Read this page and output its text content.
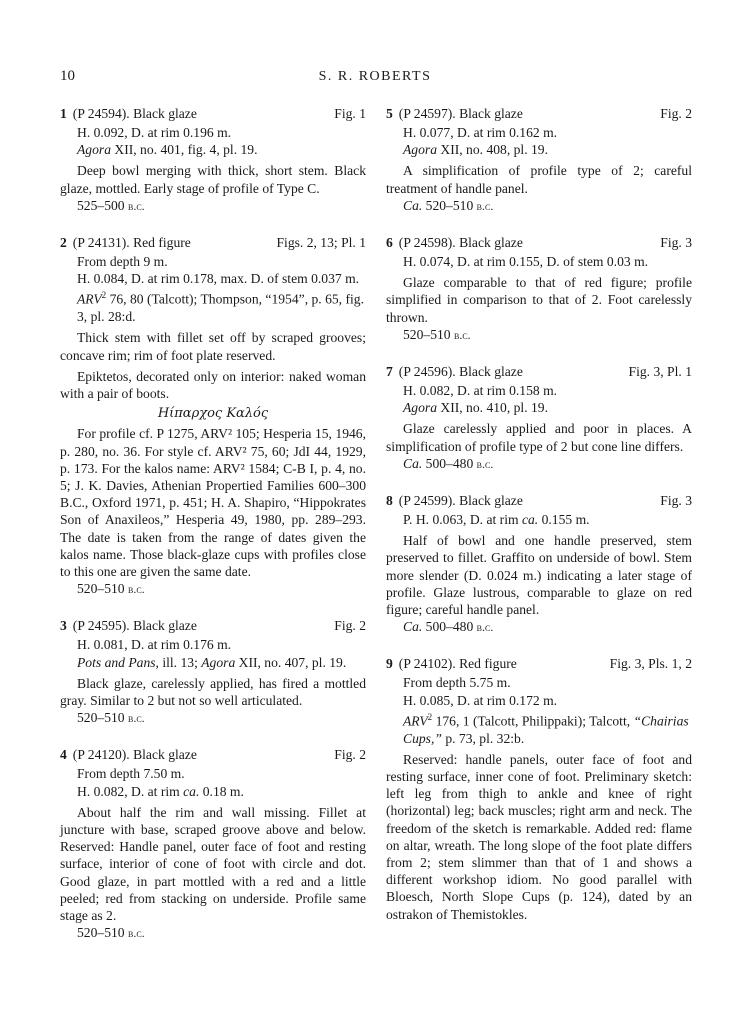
10	S. R. ROBERTS
1 (P 24594). Black glaze	Fig. 1
H. 0.092, D. at rim 0.196 m.
Agora XII, no. 401, fig. 4, pl. 19.
Deep bowl merging with thick, short stem. Black glaze, mottled. Early stage of profile of Type C.
525–500 b.c.
2 (P 24131). Red figure	Figs. 2, 13; Pl. 1
From depth 9 m.
H. 0.084, D. at rim 0.178, max. D. of stem 0.037 m.
ARV$^2$ 76, 80 (Talcott); Thompson, “1954”, p. 65, fig. 3, pl. 28:d.
Thick stem with fillet set off by scraped grooves; concave rim; rim of foot plate reserved.
Epiktetos, decorated only on interior: naked woman with a pair of boots.
Ηίπαρχος Καλός
For profile cf. P 1275, ARV² 105; Hesperia 15, 1946, p. 280, no. 36. For style cf. ARV² 75, 60; JdI 44, 1929, p. 173. For the kalos name: ARV² 1584; C-B I, p. 4, no. 5; J. K. Davies, Athenian Propertied Families 600–300 B.C., Oxford 1971, p. 451; H. A. Shapiro, “Hippokrates Son of Anaxileos,” Hesperia 49, 1980, pp. 289–293. The date is taken from the range of dates given the kalos name. Those black-glaze cups with profiles close to this one are given the same date.
520–510 b.c.
3 (P 24595). Black glaze	Fig. 2
H. 0.081, D. at rim 0.176 m.
Pots and Pans, ill. 13; Agora XII, no. 407, pl. 19.
Black glaze, carelessly applied, has fired a mottled gray. Similar to 2 but not so well articulated.
520–510 b.c.
4 (P 24120). Black glaze	Fig. 2
From depth 7.50 m.
H. 0.082, D. at rim ca. 0.18 m.
About half the rim and wall missing. Fillet at juncture with base, scraped groove above and below. Reserved: Handle panel, outer face of foot and resting surface, interior of cone of foot with circle and dot. Good glaze, in part mottled with a red and a little peeled; red from stacking on underside. Profile same stage as 2.
520–510 b.c.
5 (P 24597). Black glaze	Fig. 2
H. 0.077, D. at rim 0.162 m.
Agora XII, no. 408, pl. 19.
A simplification of profile type of 2; careful treatment of handle panel.
Ca. 520–510 b.c.
6 (P 24598). Black glaze	Fig. 3
H. 0.074, D. at rim 0.155, D. of stem 0.03 m.
Glaze comparable to that of red figure; profile simplified in comparison to that of 2. Foot carelessly thrown.
520–510 b.c.
7 (P 24596). Black glaze	Fig. 3, Pl. 1
H. 0.082, D. at rim 0.158 m.
Agora XII, no. 410, pl. 19.
Glaze carelessly applied and poor in places. A simplification of profile type of 2 but cone line differs.
Ca. 500–480 b.c.
8 (P 24599). Black glaze	Fig. 3
P. H. 0.063, D. at rim ca. 0.155 m.
Half of bowl and one handle preserved, stem preserved to fillet. Graffito on underside of bowl. Stem more slender (D. 0.024 m.) indicating a later stage of profile. Glaze lustrous, comparable to glaze on red figure; careful handle panel.
Ca. 500–480 b.c.
9 (P 24102). Red figure	Fig. 3, Pls. 1, 2
From depth 5.75 m.
H. 0.085, D. at rim 0.172 m.
ARV$^2$ 176, 1 (Talcott, Philippaki); Talcott, “Chairias Cups,” p. 73, pl. 32:b.
Reserved: handle panels, outer face of foot and resting surface, inner cone of foot. Preliminary sketch: left leg from thigh to ankle and knee of right (horizontal) leg; back muscles; right arm and neck. The freedom of the sketch is remarkable. Added red: flame on altar, wreath. The long slope of the foot plate differs from 2; stem slimmer than that of 1 and shows a different workshop idiom. No good parallel with Bloesch, North Slope Cups (p. 124), dated by an ostrakon of Themistokles.
